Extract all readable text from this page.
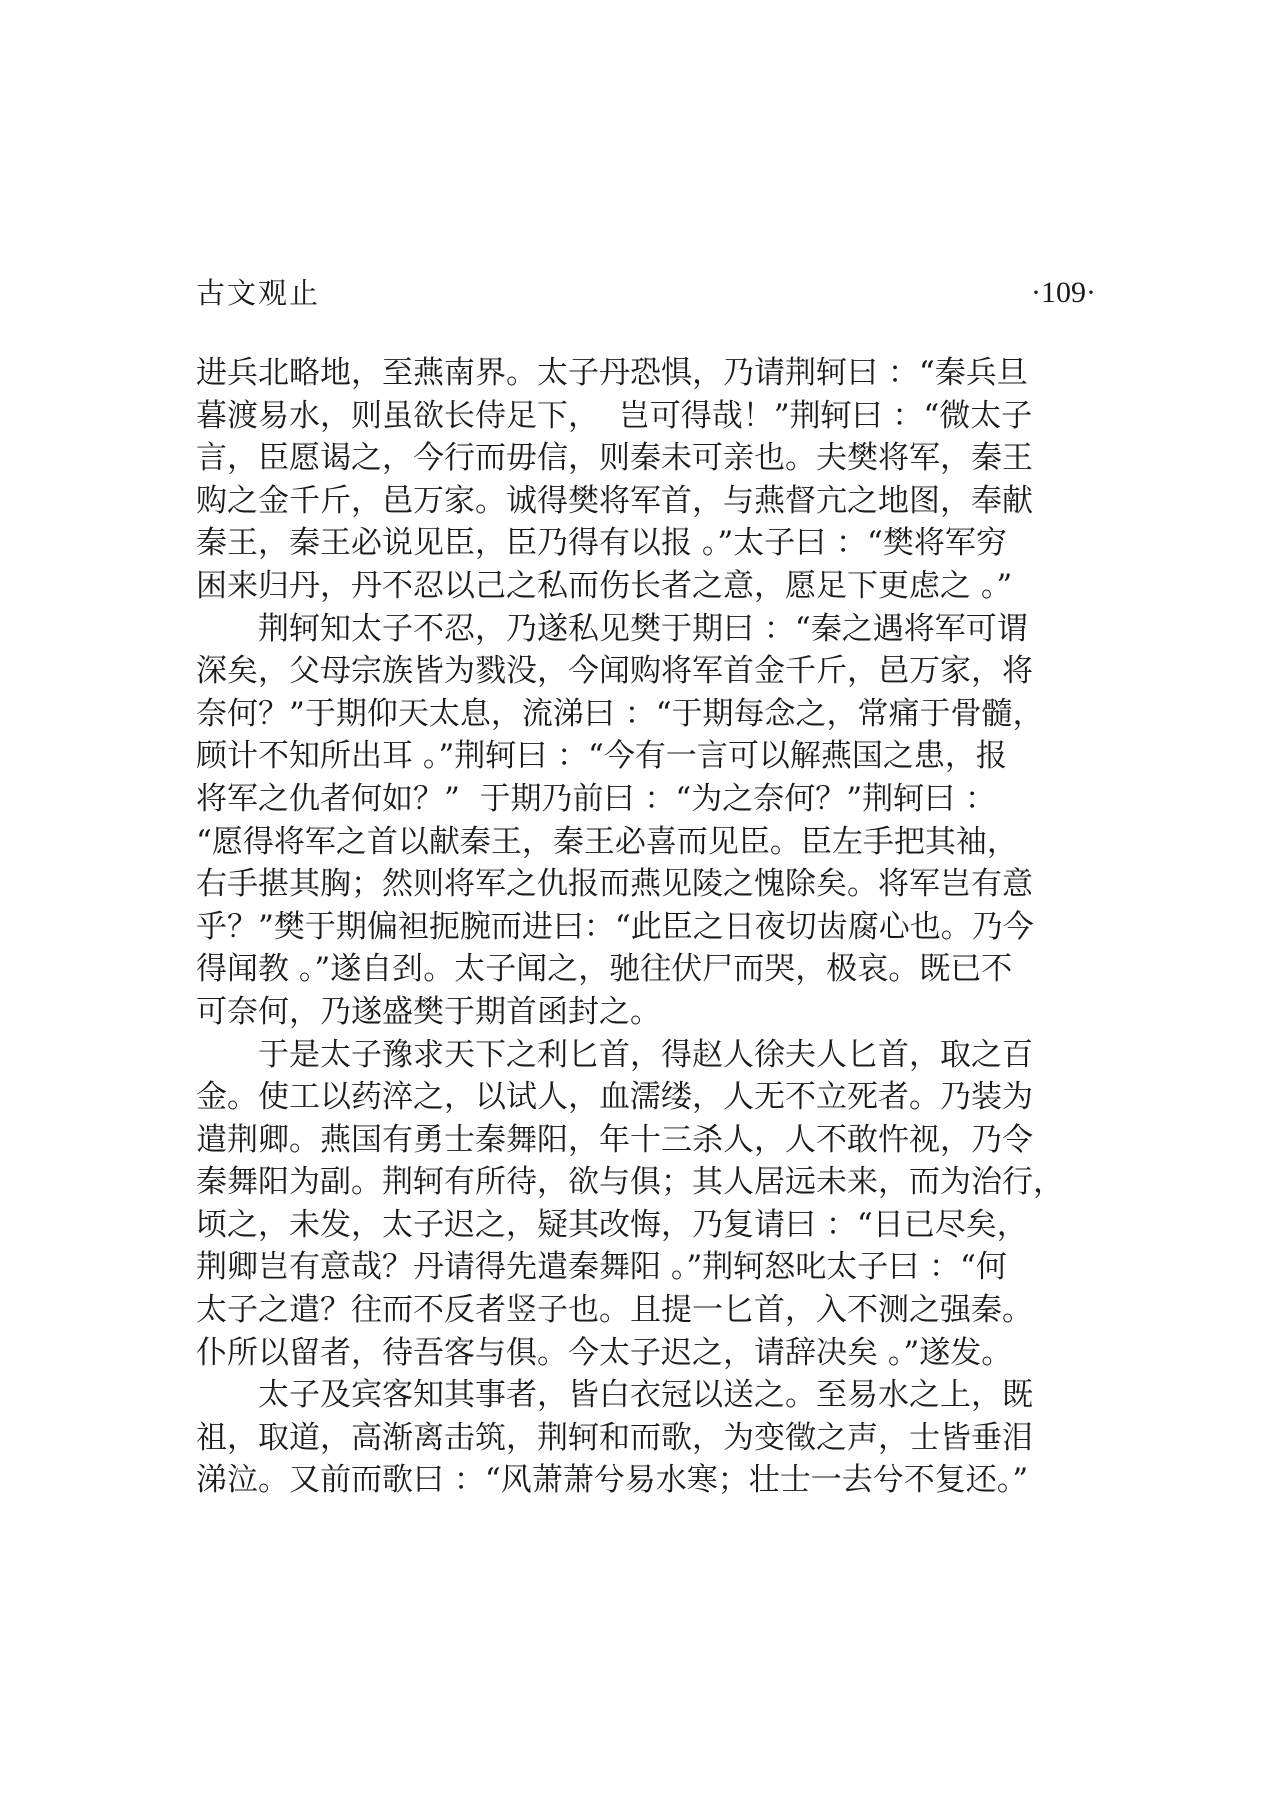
古文观止	·109·
进兵北略地，至燕南界。太子丹恐惧，乃请荆轲曰 ：“秦兵旦
暮渡易水，则虽欲长侍足下，  岂可得哉！”荆轲曰 ：“微太子
言，臣愿谒之，今行而毋信，则秦未可亲也。夫樊将军，秦王
购之金千斤，邑万家。诚得樊将军首，与燕督亢之地图，奉献
秦王，秦王必说见臣，臣乃得有以报 。”太子曰 ：“樊将军穷
困来归丹，丹不忍以己之私而伤长者之意，愿足下更虑之 。”
荆轲知太子不忍，乃遂私见樊于期曰 ：“秦之遇将军可谓
深矣，父母宗族皆为戮没，今闻购将军首金千斤，邑万家，将
奈何？”于期仰天太息，流涕曰 ：“于期每念之，常痛于骨髓，
顾计不知所出耳 。”荆轲曰 ：“今有一言可以解燕国之患，报
将军之仇者何如？”  于期乃前曰 ：“为之奈何？”荆轲曰 ：
“愿得将军之首以献秦王，秦王必喜而见臣。臣左手把其袖，
右手揕其胸；然则将军之仇报而燕见陵之愧除矣。将军岂有意
乎？”樊于期偏袒扼腕而进曰：“此臣之日夜切齿腐心也。乃今
得闻教 。”遂自刭。太子闻之，驰往伏尸而哭，极哀。既已不
可奈何，乃遂盛樊于期首函封之。
于是太子豫求天下之利匕首，得赵人徐夫人匕首，取之百
金。使工以药淬之，以试人，血濡缕，人无不立死者。乃装为
遣荆卿。燕国有勇士秦舞阳，年十三杀人，人不敢忤视，乃令
秦舞阳为副。荆轲有所待，欲与俱；其人居远未来，而为治行，
顷之，未发，太子迟之，疑其改悔，乃复请曰 ：“日已尽矣，
荆卿岂有意哉？丹请得先遣秦舞阳 。”荆轲怒叱太子曰 ：“何
太子之遣？往而不反者竖子也。且提一匕首，入不测之强秦。
仆所以留者，待吾客与俱。今太子迟之，请辞决矣 。”遂发。
太子及宾客知其事者，皆白衣冠以送之。至易水之上，既
祖，取道，高渐离击筑，荆轲和而歌，为变徵之声，士皆垂泪
涕泣。又前而歌曰 ：“风萧萧兮易水寒；壮士一去兮不复还。”
